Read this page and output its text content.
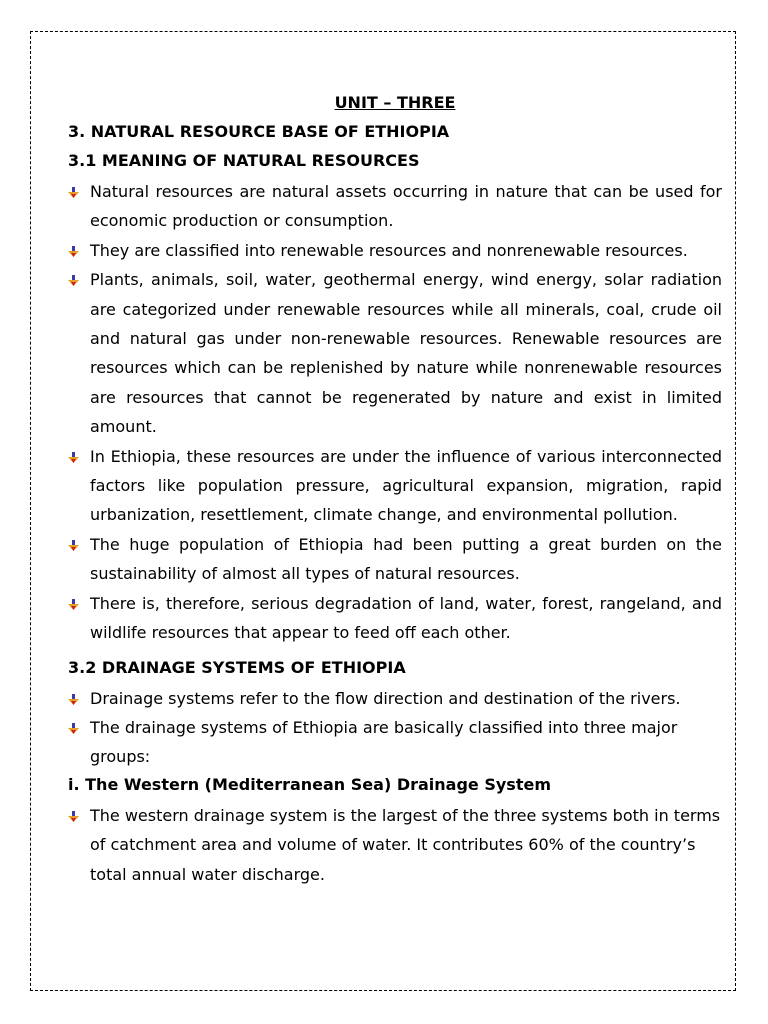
UNIT – THREE
3. NATURAL RESOURCE BASE OF ETHIOPIA
3.1 MEANING OF NATURAL RESOURCES
Natural resources are natural assets occurring in nature that can be used for economic production or consumption.
They are classified into renewable resources and nonrenewable resources.
Plants, animals, soil, water, geothermal energy, wind energy, solar radiation are categorized under renewable resources while all minerals, coal, crude oil and natural gas under non-renewable resources. Renewable resources are resources which can be replenished by nature while nonrenewable resources are resources that cannot be regenerated by nature and exist in limited amount.
In Ethiopia, these resources are under the influence of various interconnected factors like population pressure, agricultural expansion, migration, rapid urbanization, resettlement, climate change, and environmental pollution.
The huge population of Ethiopia had been putting a great burden on the sustainability of almost all types of natural resources.
There is, therefore, serious degradation of land, water, forest, rangeland, and wildlife resources that appear to feed off each other.
3.2 DRAINAGE SYSTEMS OF ETHIOPIA
Drainage systems refer to the flow direction and destination of the rivers.
The drainage systems of Ethiopia are basically classified into three major groups:
i. The Western (Mediterranean Sea) Drainage System
The western drainage system is the largest of the three systems both in terms of catchment area and volume of water. It contributes 60% of the country’s total annual water discharge.
